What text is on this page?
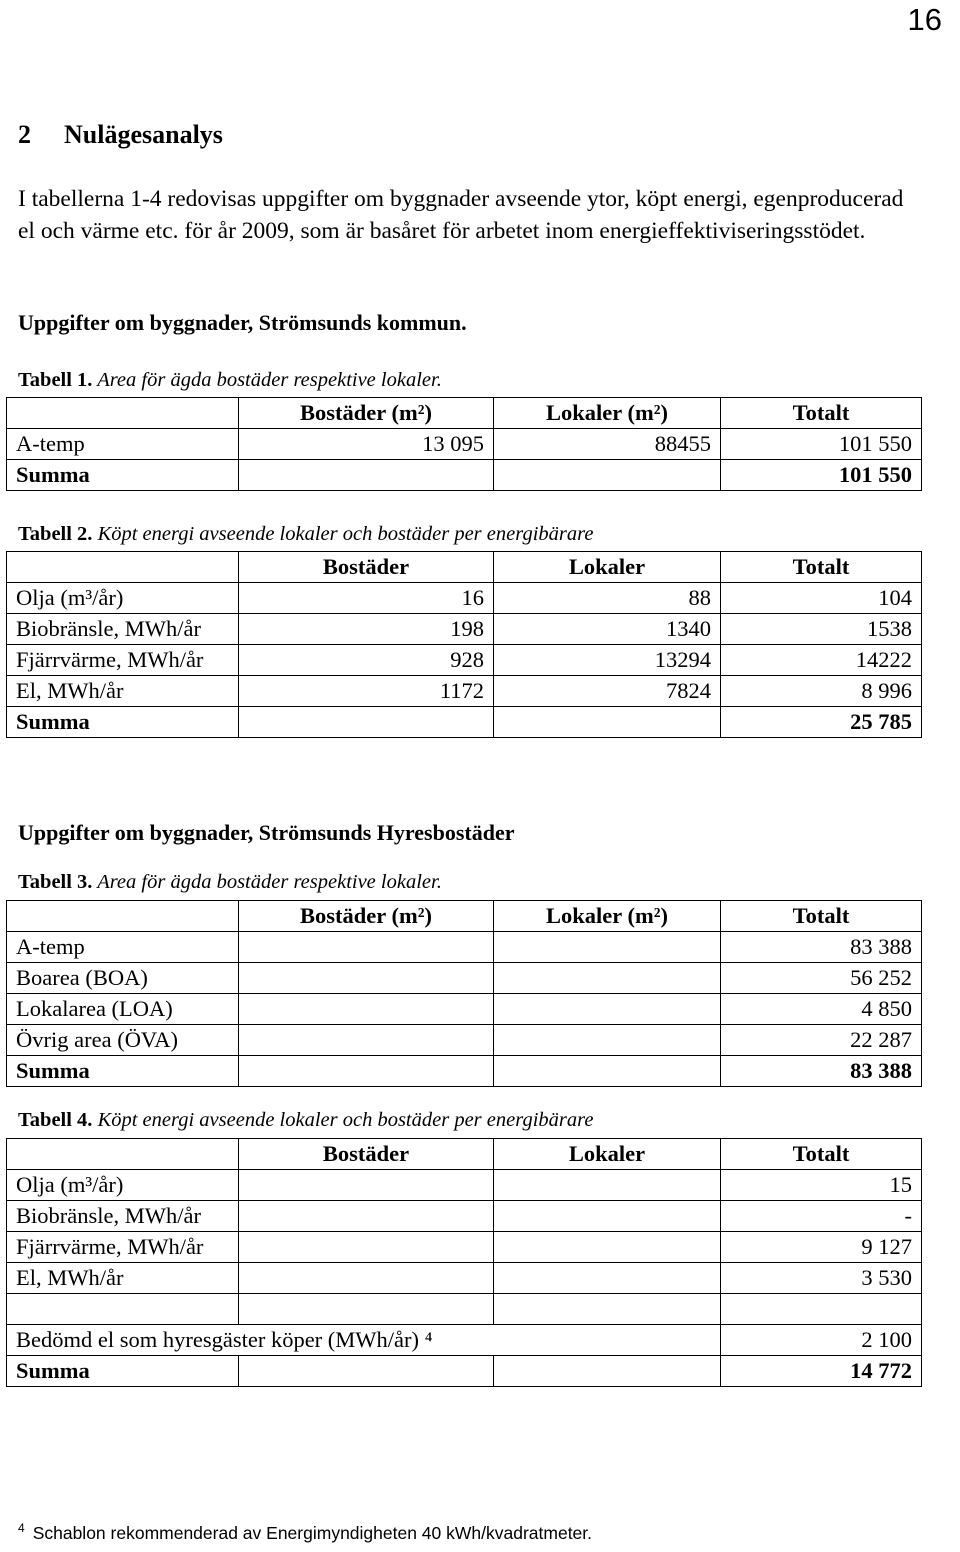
16
2 Nulägesanalys
I tabellerna 1-4 redovisas uppgifter om byggnader avseende ytor, köpt energi, egenproducerad el och värme etc. för år 2009, som är basåret för arbetet inom energieffektiviseringsstödet.
Uppgifter om byggnader, Strömsunds kommun.
Tabell 1. Area för ägda bostäder respektive lokaler.
	Bostäder (m²)	Lokaler (m²)	Totalt
A-temp	13 095	88455	101 550
Summa			101 550
Tabell 2. Köpt energi avseende lokaler och bostäder per energibärare
	Bostäder	Lokaler	Totalt
Olja (m³/år)	16	88	104
Biobränsle, MWh/år	198	1340	1538
Fjärrvärme, MWh/år	928	13294	14222
El, MWh/år	1172	7824	8 996
Summa			25 785
Uppgifter om byggnader, Strömsunds Hyresbostäder
Tabell 3. Area för ägda bostäder respektive lokaler.
	Bostäder (m²)	Lokaler (m²)	Totalt
A-temp			83 388
Boarea (BOA)			56 252
Lokalarea (LOA)			4 850
Övrig area (ÖVA)			22 287
Summa			83 388
Tabell 4. Köpt energi avseende lokaler och bostäder per energibärare
	Bostäder	Lokaler	Totalt
Olja (m³/år)			15
Biobränsle, MWh/år			-
Fjärrvärme, MWh/år			9 127
El, MWh/år			3 530

Bedömd el som hyresgäster köper (MWh/år) ⁴			2 100
Summa			14 772
$^4$ Schablon rekommenderad av Energimyndigheten 40 kWh/kvadratmeter.
